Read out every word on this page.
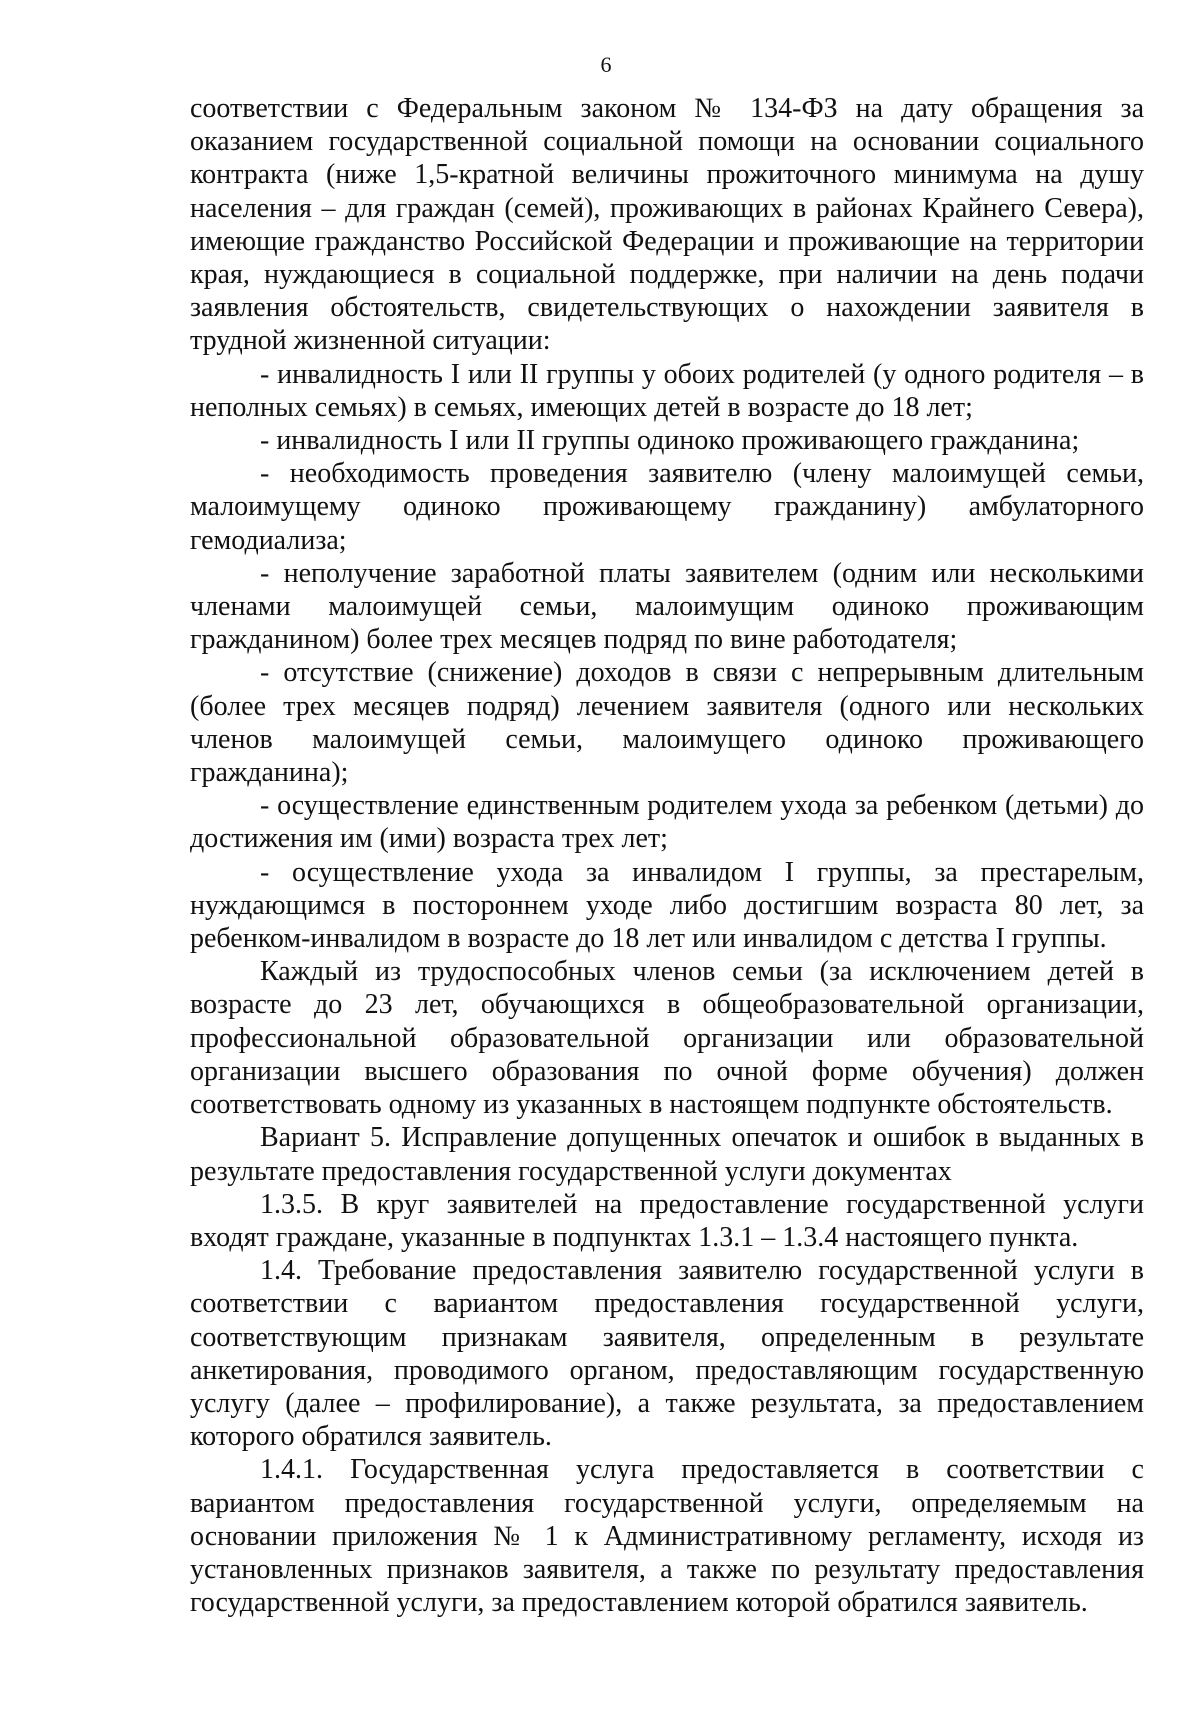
6

соответствии с Федеральным законом № 134-ФЗ на дату обращения за оказанием государственной социальной помощи на основании социального контракта (ниже 1,5-кратной величины прожиточного минимума на душу населения – для граждан (семей), проживающих в районах Крайнего Севера), имеющие гражданство Российской Федерации и проживающие на территории края, нуждающиеся в социальной поддержке, при наличии на день подачи заявления обстоятельств, свидетельствующих о нахождении заявителя в трудной жизненной ситуации:

- инвалидность I или II группы у обоих родителей (у одного родителя – в неполных семьях) в семьях, имеющих детей в возрасте до 18 лет;

- инвалидность I или II группы одиноко проживающего гражданина;

- необходимость проведения заявителю (члену малоимущей семьи, малоимущему одиноко проживающему гражданину) амбулаторного гемодиализа;

- неполучение заработной платы заявителем (одним или несколькими членами малоимущей семьи, малоимущим одиноко проживающим гражданином) более трех месяцев подряд по вине работодателя;

- отсутствие (снижение) доходов в связи с непрерывным длительным (более трех месяцев подряд) лечением заявителя (одного или нескольких членов малоимущей семьи, малоимущего одиноко проживающего гражданина);

- осуществление единственным родителем ухода за ребенком (детьми) до достижения им (ими) возраста трех лет;

- осуществление ухода за инвалидом I группы, за престарелым, нуждающимся в постороннем уходе либо достигшим возраста 80 лет, за ребенком-инвалидом в возрасте до 18 лет или инвалидом с детства I группы.

Каждый из трудоспособных членов семьи (за исключением детей в возрасте до 23 лет, обучающихся в общеобразовательной организации, профессиональной образовательной организации или образовательной организации высшего образования по очной форме обучения) должен соответствовать одному из указанных в настоящем подпункте обстоятельств.

Вариант 5. Исправление допущенных опечаток и ошибок в выданных в результате предоставления государственной услуги документах

1.3.5. В круг заявителей на предоставление государственной услуги входят граждане, указанные в подпунктах 1.3.1 – 1.3.4 настоящего пункта.

1.4. Требование предоставления заявителю государственной услуги в соответствии с вариантом предоставления государственной услуги, соответствующим признакам заявителя, определенным в результате анкетирования, проводимого органом, предоставляющим государственную услугу (далее – профилирование), а также результата, за предоставлением которого обратился заявитель.

1.4.1. Государственная услуга предоставляется в соответствии с вариантом предоставления государственной услуги, определяемым на основании приложения № 1 к Административному регламенту, исходя из установленных признаков заявителя, а также по результату предоставления государственной услуги, за предоставлением которой обратился заявитель.
